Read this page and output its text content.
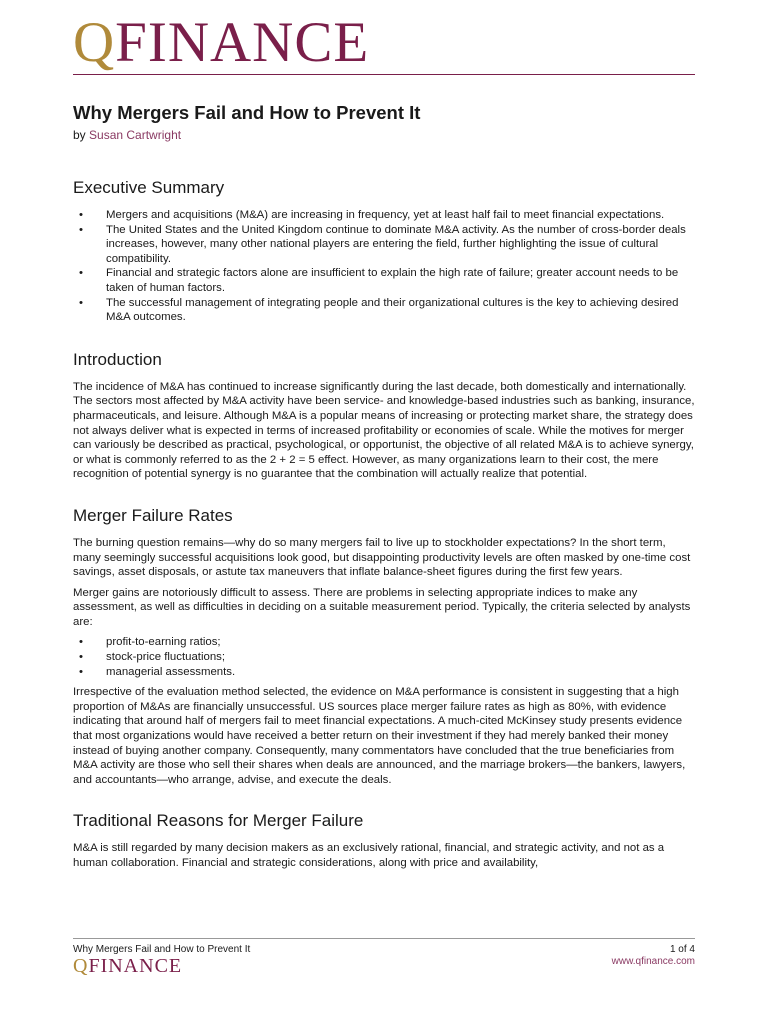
QFINANCE
Why Mergers Fail and How to Prevent It
by Susan Cartwright
Executive Summary
• Mergers and acquisitions (M&A) are increasing in frequency, yet at least half fail to meet financial expectations.
• The United States and the United Kingdom continue to dominate M&A activity. As the number of cross-border deals increases, however, many other national players are entering the field, further highlighting the issue of cultural compatibility.
• Financial and strategic factors alone are insufficient to explain the high rate of failure; greater account needs to be taken of human factors.
• The successful management of integrating people and their organizational cultures is the key to achieving desired M&A outcomes.
Introduction

The incidence of M&A has continued to increase significantly during the last decade, both domestically and internationally. The sectors most affected by M&A activity have been service- and knowledge-based industries such as banking, insurance, pharmaceuticals, and leisure. Although M&A is a popular means of increasing or protecting market share, the strategy does not always deliver what is expected in terms of increased profitability or economies of scale. While the motives for merger can variously be described as practical, psychological, or opportunist, the objective of all related M&A is to achieve synergy, or what is commonly referred to as the 2 + 2 = 5 effect. However, as many organizations learn to their cost, the mere recognition of potential synergy is no guarantee that the combination will actually realize that potential.

Merger Failure Rates

The burning question remains—why do so many mergers fail to live up to stockholder expectations? In the short term, many seemingly successful acquisitions look good, but disappointing productivity levels are often masked by one-time cost savings, asset disposals, or astute tax maneuvers that inflate balance-sheet figures during the first few years.

Merger gains are notoriously difficult to assess. There are problems in selecting appropriate indices to make any assessment, as well as difficulties in deciding on a suitable measurement period. Typically, the criteria selected by analysts are:

• profit-to-earning ratios;
• stock-price fluctuations;
• managerial assessments.

Irrespective of the evaluation method selected, the evidence on M&A performance is consistent in suggesting that a high proportion of M&As are financially unsuccessful. US sources place merger failure rates as high as 80%, with evidence indicating that around half of mergers fail to meet financial expectations. A much-cited McKinsey study presents evidence that most organizations would have received a better return on their investment if they had merely banked their money instead of buying another company. Consequently, many commentators have concluded that the true beneficiaries from M&A activity are those who sell their shares when deals are announced, and the marriage brokers—the bankers, lawyers, and accountants—who arrange, advise, and execute the deals.

Traditional Reasons for Merger Failure

M&A is still regarded by many decision makers as an exclusively rational, financial, and strategic activity, and not as a human collaboration. Financial and strategic considerations, along with price and availability,

Why Mergers Fail and How to Prevent It	1 of 4
QFINANCE	www.qfinance.com
